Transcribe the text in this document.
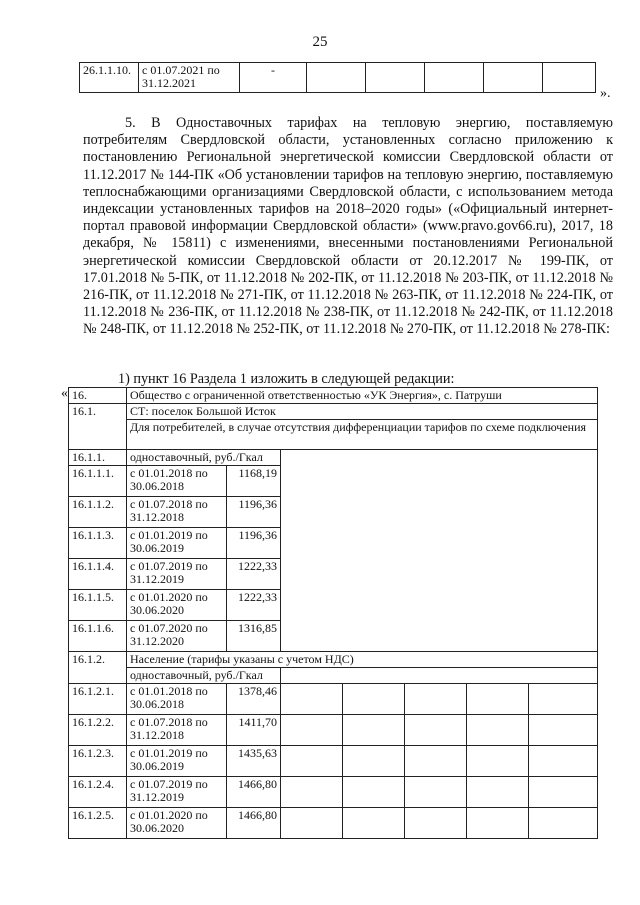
25
26.1.1.10.	с 01.07.2021 по 31.12.2021	-					
».

5. В Одноставочных тарифах на тепловую энергию, поставляемую потребителям Свердловской области, установленных согласно приложению к постановлению Региональной энергетической комиссии Свердловской области от 11.12.2017 № 144-ПК «Об установлении тарифов на тепловую энергию, поставляемую теплоснабжающими организациями Свердловской области, с использованием метода индексации установленных тарифов на 2018–2020 годы» («Официальный интернет-портал правовой информации Свердловской области» (www.pravo.gov66.ru), 2017, 18 декабря, № 15811) с изменениями, внесенными постановлениями Региональной энергетической комиссии Свердловской области от 20.12.2017 № 199-ПК, от 17.01.2018 № 5-ПК, от 11.12.2018 № 202-ПК, от 11.12.2018 № 203-ПК, от 11.12.2018 № 216-ПК, от 11.12.2018 № 271-ПК, от 11.12.2018 № 263-ПК, от 11.12.2018 № 224-ПК, от 11.12.2018 № 236-ПК, от 11.12.2018 № 238-ПК, от 11.12.2018 № 242-ПК, от 11.12.2018 № 248-ПК, от 11.12.2018 № 252-ПК, от 11.12.2018 № 270-ПК, от 11.12.2018 № 278-ПК:

1) пункт 16 Раздела 1 изложить в следующей редакции:
« 16.	Общество с ограниченной ответственностью «УК Энергия», с. Патруши						
16.1.	СТ: поселок Большой Исток						
	Для потребителей, в случае отсутствия дифференциации тарифов по схеме подключения						
16.1.1.	одноставочный, руб./Гкал						
16.1.1.1.	с 01.01.2018 по 30.06.2018	1168,19					
16.1.1.2.	с 01.07.2018 по 31.12.2018	1196,36					
16.1.1.3.	с 01.01.2019 по 30.06.2019	1196,36					
16.1.1.4.	с 01.07.2019 по 31.12.2019	1222,33					
16.1.1.5.	с 01.01.2020 по 30.06.2020	1222,33					
16.1.1.6.	с 01.07.2020 по 31.12.2020	1316,85					
16.1.2.	Население (тарифы указаны с учетом НДС)						
	одноставочный, руб./Гкал						
16.1.2.1.	с 01.01.2018 по 30.06.2018	1378,46					
16.1.2.2.	с 01.07.2018 по 31.12.2018	1411,70					
16.1.2.3.	с 01.01.2019 по 30.06.2019	1435,63					
16.1.2.4.	с 01.07.2019 по 31.12.2019	1466,80					
16.1.2.5.	с 01.01.2020 по 30.06.2020	1466,80					
